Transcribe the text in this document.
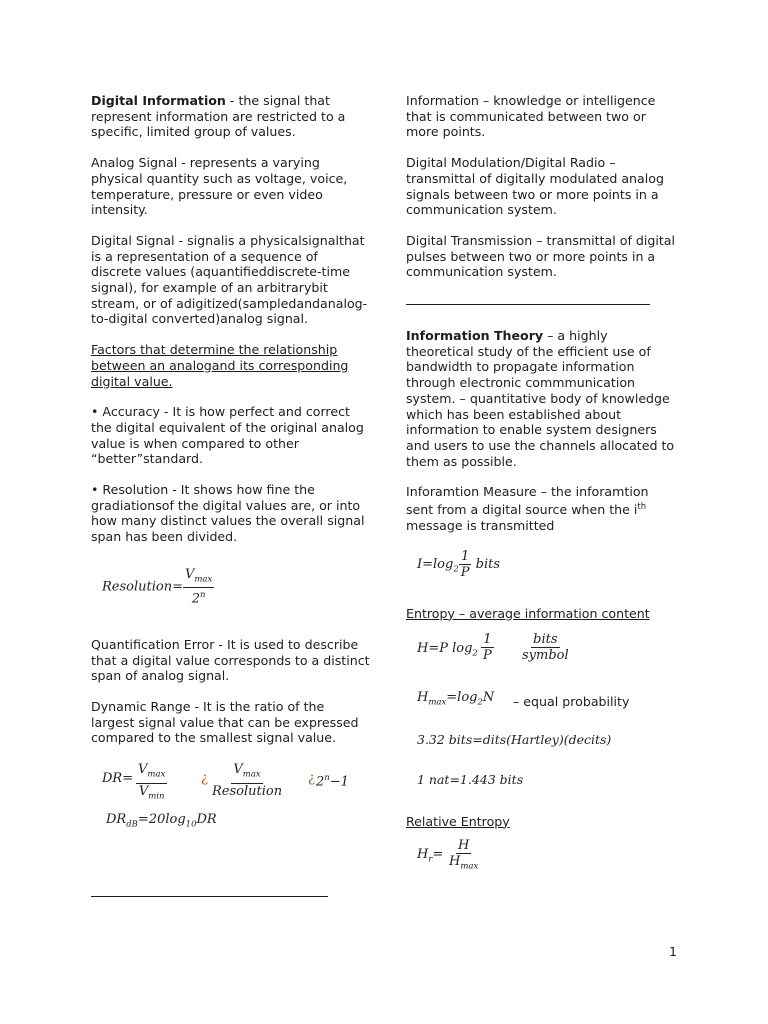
Digital Information - the signal that represent information are restricted to a specific, limited group of values.

Analog Signal - represents a varying physical quantity such as voltage, voice, temperature, pressure or even video intensity.

Digital Signal - signalis a physicalsignalthat is a representation of a sequence of discrete values (aquantifieddiscrete-time signal), for example of an arbitrarybit stream, or of adigitized(sampledandanalog-to-digital converted)analog signal.

Factors that determine the relationship between an analogand its corresponding digital value.

• Accuracy - It is how perfect and correct the digital equivalent of the original analog value is when compared to other “better”standard.

• Resolution - It shows how fine the gradiationsof the digital values are, or into how many distinct values the overall signal span has been divided.

Resolution= $\frac{V_{max}}{2^n}$

Quantification Error - It is used to describe that a digital value corresponds to a distinct span of analog signal.

Dynamic Range - It is the ratio of the largest signal value that can be expressed compared to the smallest signal value.

DR=
$V_{max}$
$V_{min}$
¿
$V_{max}$
Resolution
¿ $2^n-1$
$DR_{dB}=20\log_{10}DR$

Information – knowledge or intelligence that is communicated between two or more points.

Digital Modulation/Digital Radio – transmittal of digitally modulated analog signals between two or more points in a communication system.

Digital Transmission – transmittal of digital pulses between two or more points in a communication system.

Information Theory – a highly theoretical study of the efficient use of bandwidth to propagate information through electronic commmunication system. – quantitative body of knowledge which has been established about information to enable system designers and users to use the channels allocated to them as possible.

Inforamtion Measure – the inforamtion sent from a digital source when the $i^{th}$ message is transmitted

$I=\log_2 \frac{1}{P}$ bits

Entropy – average information content

H=P $\log_2 \frac{1}{P}$	bits
symbol
$H_{max}=\log_2N$ – equal probability
3.32 bits=dits(Hartley)(decits)
1 nat=1.443 bits

Relative Entropy

$H_r=$
H
$H_{max}$
1
